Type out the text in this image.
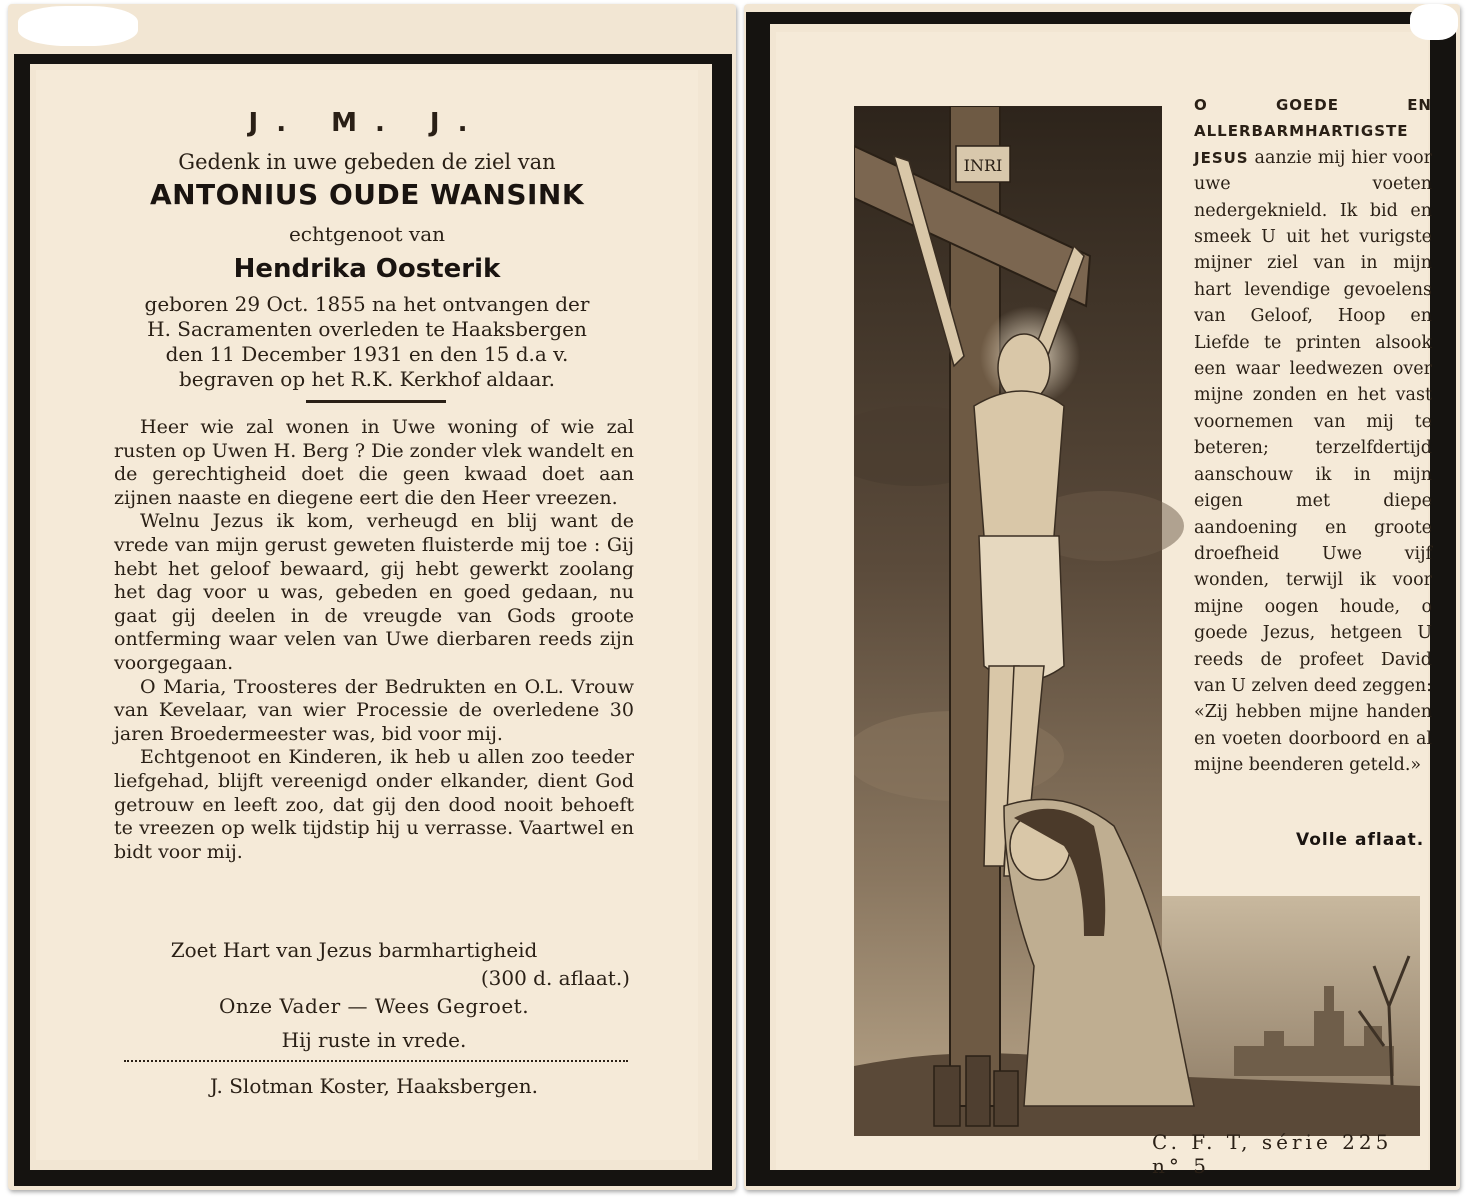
J. M. J.
Gedenk in uwe gebeden de ziel van
ANTONIUS OUDE WANSINK
echtgenoot van
Hendrika Oosterik
geboren 29 Oct. 1855 na het ontvangen der
H. Sacramenten overleden te Haaksbergen
den 11 December 1931 en den 15 d.a v.
begraven op het R.K. Kerkhof aldaar.

Heer wie zal wonen in Uwe woning of wie zal rusten op Uwen H. Berg ? Die zonder vlek wandelt en de gerechtigheid doet die geen kwaad doet aan zijnen naaste en diegene eert die den Heer vreezen.

Welnu Jezus ik kom, verheugd en blij want de vrede van mijn gerust geweten fluisterde mij toe : Gij hebt het geloof bewaard, gij hebt gewerkt zoolang het dag voor u was, gebeden en goed gedaan, nu gaat gij deelen in de vreugde van Gods groote ontferming waar velen van Uwe dierbaren reeds zijn voorgegaan.

O Maria, Troosteres der Bedrukten en O.L. Vrouw van Kevelaar, van wier Processie de overledene 30 jaren Broedermeester was, bid voor mij.

Echtgenoot en Kinderen, ik heb u allen zoo teeder liefgehad, blijft vereenigd onder elkander, dient God getrouw en leeft zoo, dat gij den dood nooit behoeft te vreezen op welk tijdstip hij u verrasse. Vaartwel en bidt voor mij.

Zoet Hart van Jezus barmhartigheid
(300 d. aflaat.)
Onze Vader — Wees Gegroet.
Hij ruste in vrede.
J. Slotman Koster, Haaksbergen.
INRI
O GOEDE EN ALLERBARMHARTIGSTE JESUS aanzie mij hier voor uwe voeten nedergeknield. Ik bid en smeek U uit het vurigste mijner ziel van in mijn hart levendige gevoelens van Geloof, Hoop en Liefde te printen alsook een waar leedwezen over mijne zonden en het vast voornemen van mij te beteren; terzelfdertijd aanschouw ik in mijn eigen met diepe aandoening en groote droefheid Uwe vijf wonden, terwijl ik voor mijne oogen houde, o goede Jezus, hetgeen U reeds de profeet David van U zelven deed zeggen: «Zij hebben mijne handen en voeten doorboord en al mijne beenderen geteld.»
Volle aflaat.
C. F. T, série 225 n° 5
